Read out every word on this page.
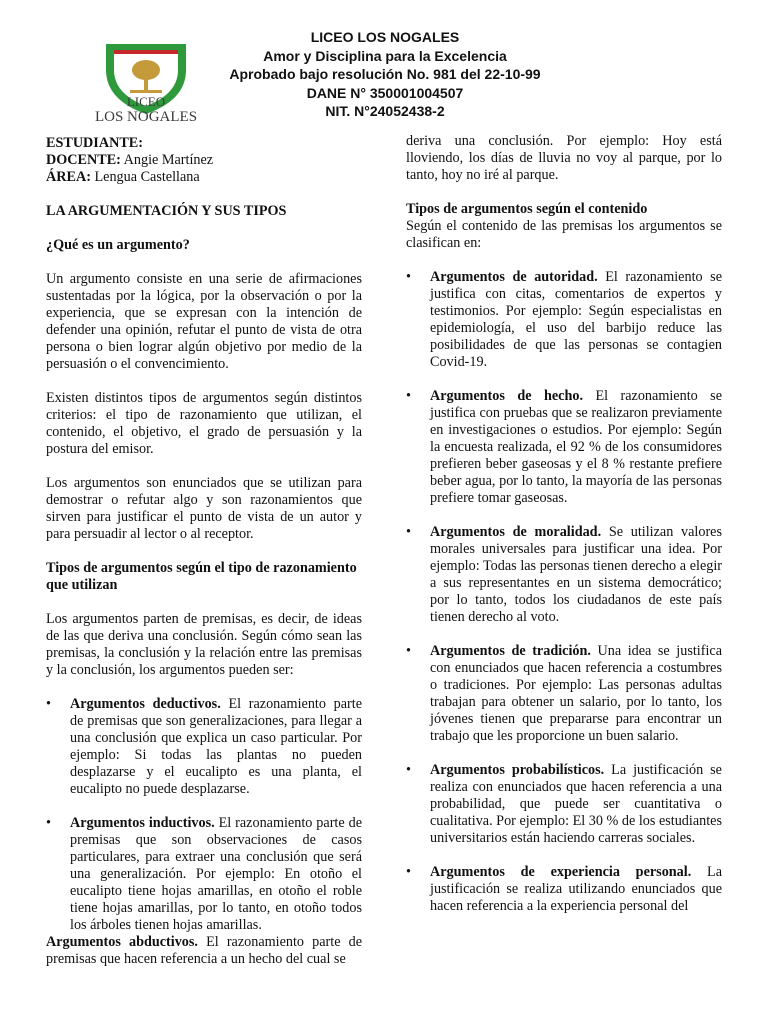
LICEO
LOS NOGALES
LICEO LOS NOGALES
Amor y Disciplina para la Excelencia
Aprobado bajo resolución No. 981 del 22-10-99
DANE N° 350001004507
NIT. N°24052438-2

ESTUDIANTE:

DOCENTE: Angie Martínez

ÁREA: Lengua Castellana

LA ARGUMENTACIÓN Y SUS TIPOS

¿Qué es un argumento?

Un argumento consiste en una serie de afirmaciones sustentadas por la lógica, por la observación o por la experiencia, que se expresan con la intención de defender una opinión, refutar el punto de vista de otra persona o bien lograr algún objetivo por medio de la persuasión o el convencimiento.

Existen distintos tipos de argumentos según distintos criterios: el tipo de razonamiento que utilizan, el contenido, el objetivo, el grado de persuasión y la postura del emisor.

Los argumentos son enunciados que se utilizan para demostrar o refutar algo y son razonamientos que sirven para justificar el punto de vista de un autor y para persuadir al lector o al receptor.

Tipos de argumentos según el tipo de razonamiento que utilizan

Los argumentos parten de premisas, es decir, de ideas de las que deriva una conclusión. Según cómo sean las premisas, la conclusión y la relación entre las premisas y la conclusión, los argumentos pueden ser:

• Argumentos deductivos. El razonamiento parte de premisas que son generalizaciones, para llegar a una conclusión que explica un caso particular. Por ejemplo: Si todas las plantas no pueden desplazarse y el eucalipto es una planta, el eucalipto no puede desplazarse.

• Argumentos inductivos. El razonamiento parte de premisas que son observaciones de casos particulares, para extraer una conclusión que será una generalización. Por ejemplo: En otoño el eucalipto tiene hojas amarillas, en otoño el roble tiene hojas amarillas, por lo tanto, en otoño todos los árboles tienen hojas amarillas.

Argumentos abductivos. El razonamiento parte de premisas que hacen referencia a un hecho del cual se

deriva una conclusión. Por ejemplo: Hoy está lloviendo, los días de lluvia no voy al parque, por lo tanto, hoy no iré al parque.

Tipos de argumentos según el contenido

Según el contenido de las premisas los argumentos se clasifican en:

• Argumentos de autoridad. El razonamiento se justifica con citas, comentarios de expertos y testimonios. Por ejemplo: Según especialistas en epidemiología, el uso del barbijo reduce las posibilidades de que las personas se contagien Covid-19.

• Argumentos de hecho. El razonamiento se justifica con pruebas que se realizaron previamente en investigaciones o estudios. Por ejemplo: Según la encuesta realizada, el 92 % de los consumidores prefieren beber gaseosas y el 8 % restante prefiere beber agua, por lo tanto, la mayoría de las personas prefiere tomar gaseosas.

• Argumentos de moralidad. Se utilizan valores morales universales para justificar una idea. Por ejemplo: Todas las personas tienen derecho a elegir a sus representantes en un sistema democrático; por lo tanto, todos los ciudadanos de este país tienen derecho al voto.

• Argumentos de tradición. Una idea se justifica con enunciados que hacen referencia a costumbres o tradiciones. Por ejemplo: Las personas adultas trabajan para obtener un salario, por lo tanto, los jóvenes tienen que prepararse para encontrar un trabajo que les proporcione un buen salario.

• Argumentos probabilísticos. La justificación se realiza con enunciados que hacen referencia a una probabilidad, que puede ser cuantitativa o cualitativa. Por ejemplo: El 30 % de los estudiantes universitarios están haciendo carreras sociales.

• Argumentos de experiencia personal. La justificación se realiza utilizando enunciados que hacen referencia a la experiencia personal del
